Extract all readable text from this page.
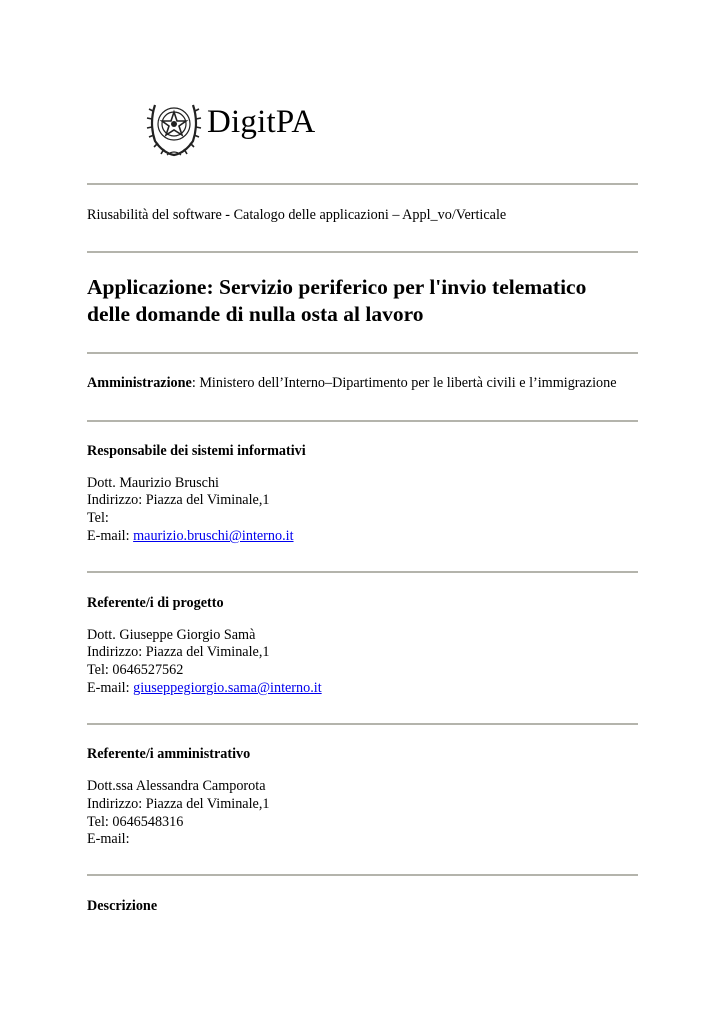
DigitPA
Riusabilità del software - Catalogo delle applicazioni – Appl_vo/Verticale
Applicazione: Servizio periferico per l'invio telematico
delle domande di nulla osta al lavoro
Amministrazione: Ministero dell’Interno–Dipartimento per le libertà civili e l’immigrazione
Responsabile dei sistemi informativi
Dott. Maurizio Bruschi
Indirizzo: Piazza del Viminale,1
Tel:
E-mail: maurizio.bruschi@interno.it
Referente/i di progetto
Dott. Giuseppe Giorgio Samà
Indirizzo: Piazza del Viminale,1
Tel: 0646527562
E-mail: giuseppegiorgio.sama@interno.it
Referente/i amministrativo
Dott.ssa Alessandra Camporota
Indirizzo: Piazza del Viminale,1
Tel: 0646548316
E-mail:
Descrizione
